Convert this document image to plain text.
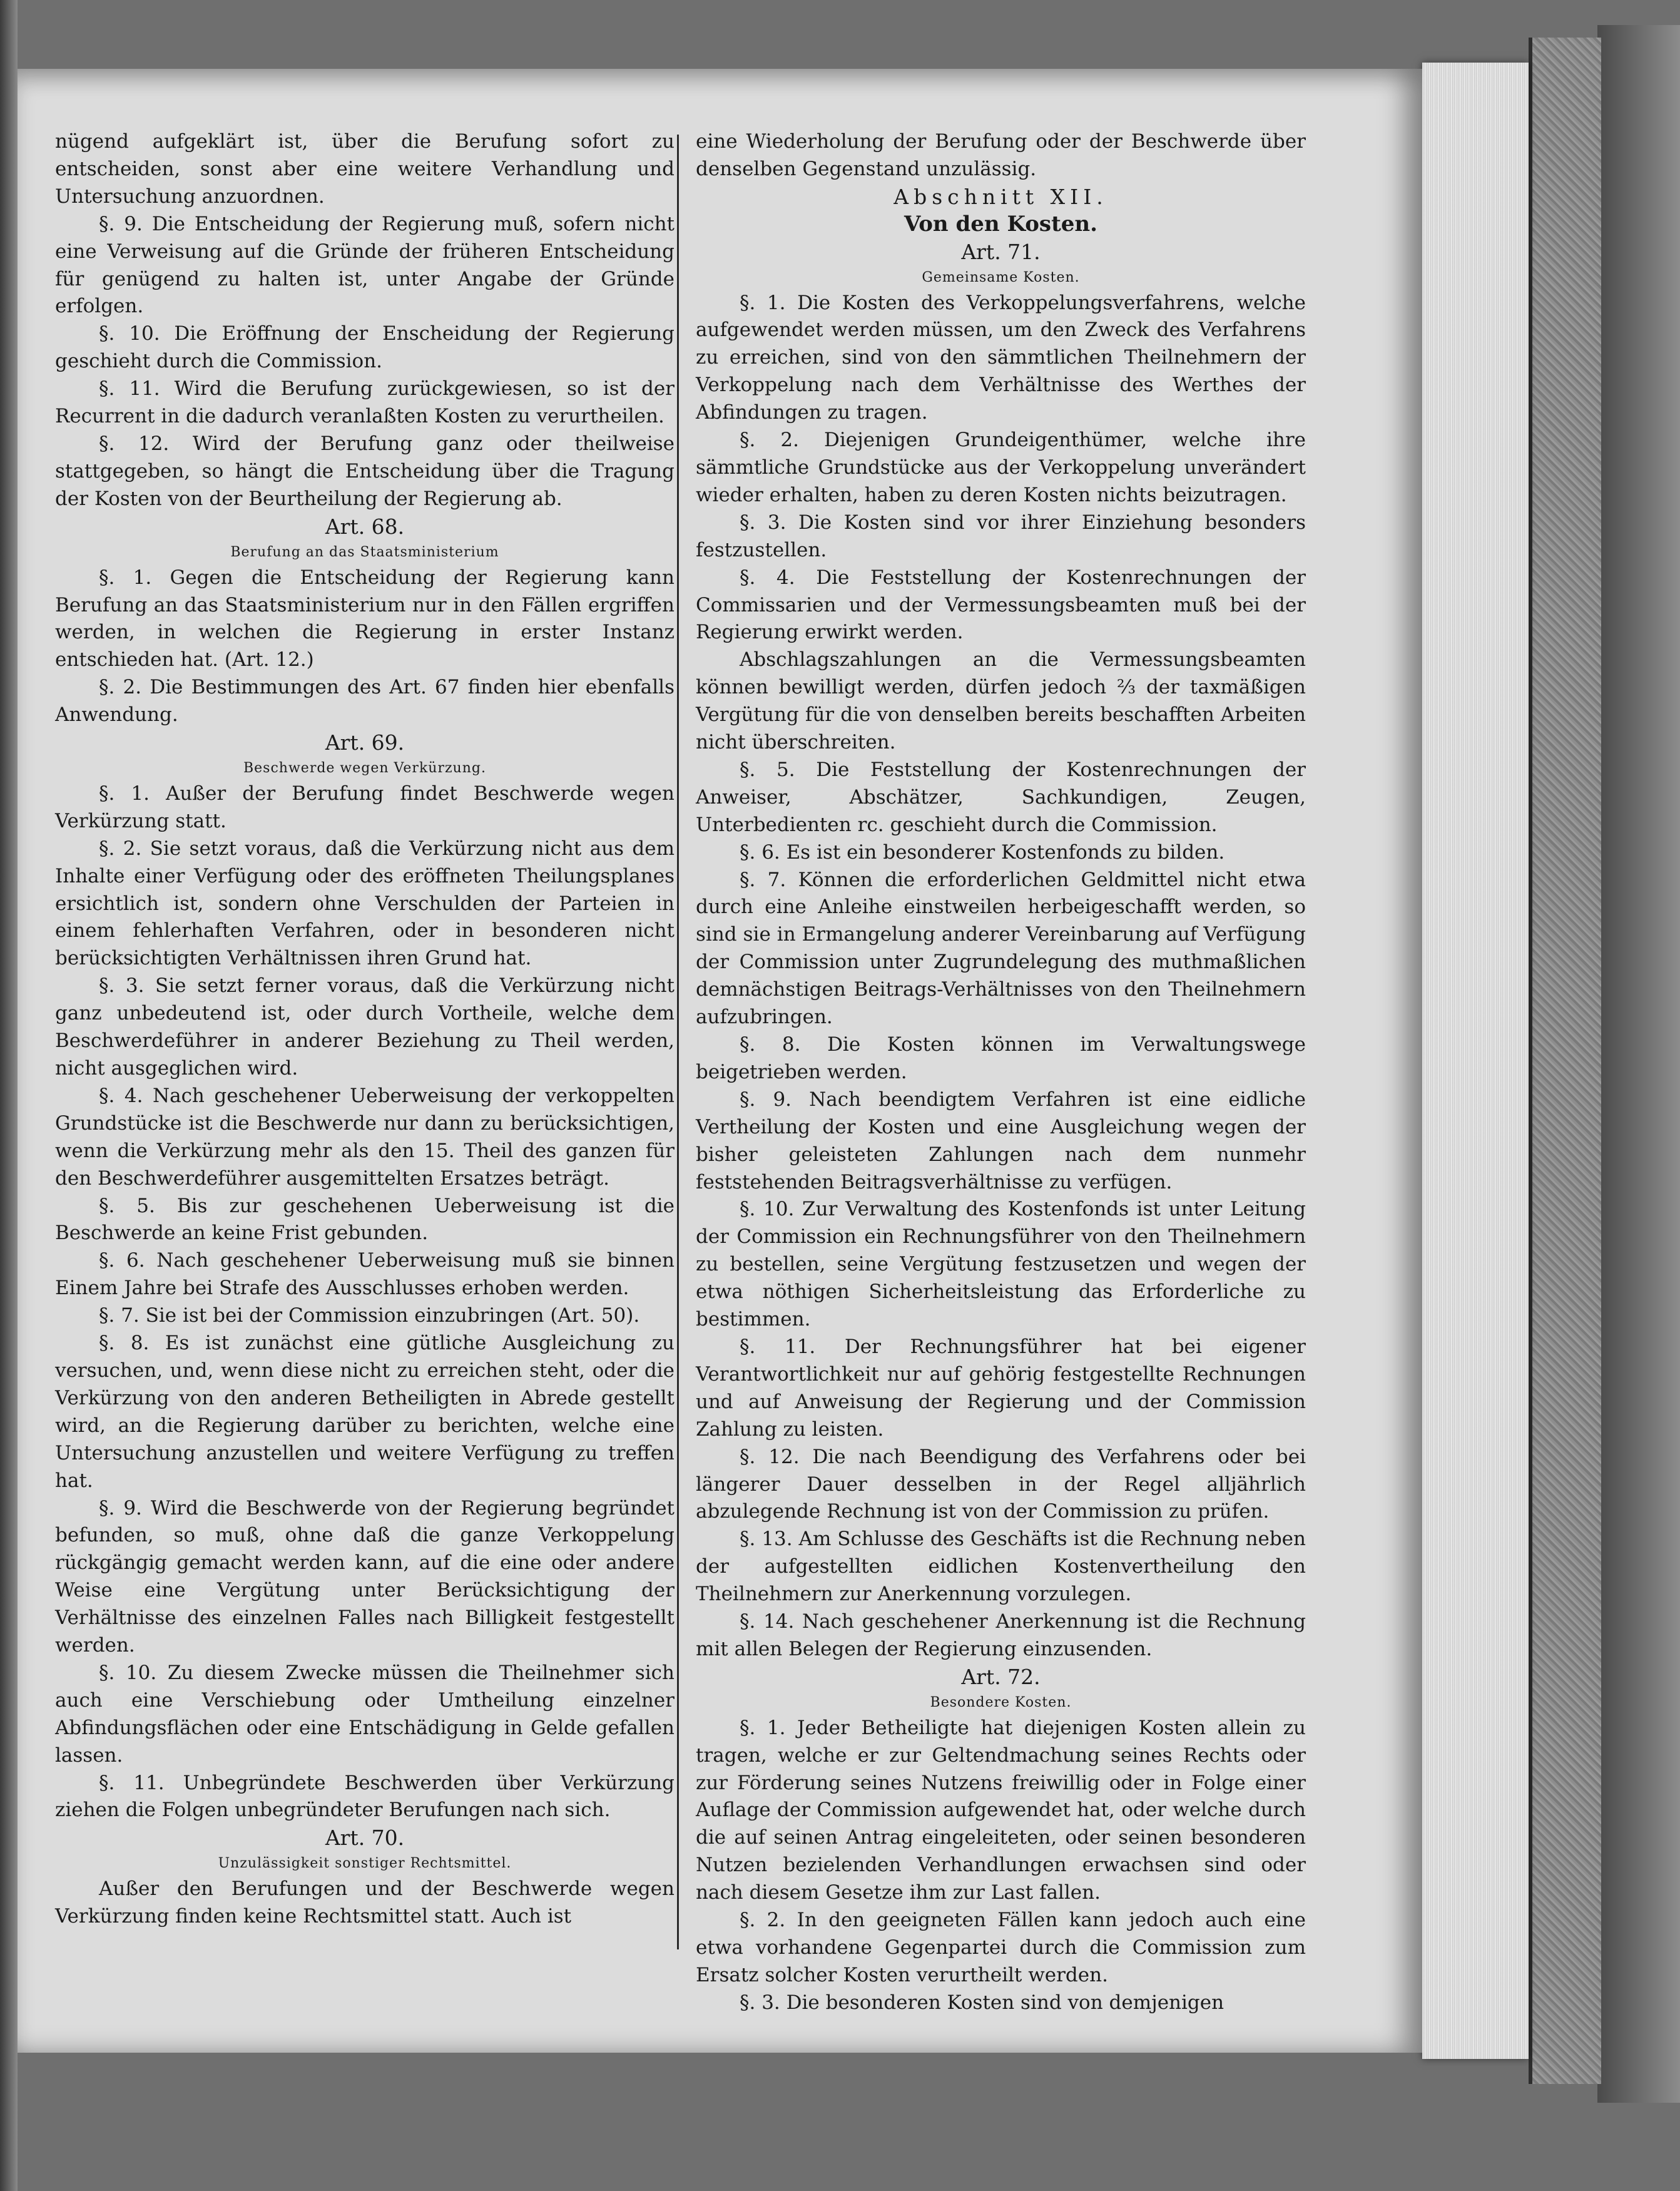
nügend aufgeklärt ist, über die Berufung sofort zu entscheiden, sonst aber eine weitere Verhandlung und Untersuchung anzuordnen.

§. 9. Die Entscheidung der Regierung muß, sofern nicht eine Verweisung auf die Gründe der früheren Entscheidung für genügend zu halten ist, unter Angabe der Gründe erfolgen.

§. 10. Die Eröffnung der Enscheidung der Regierung geschieht durch die Commission.

§. 11. Wird die Berufung zurückgewiesen, so ist der Recurrent in die dadurch veranlaßten Kosten zu verurtheilen.

§. 12. Wird der Berufung ganz oder theilweise stattgegeben, so hängt die Entscheidung über die Tragung der Kosten von der Beurtheilung der Regierung ab.

Art. 68.

Berufung an das Staatsministerium

§. 1. Gegen die Entscheidung der Regierung kann Berufung an das Staatsministerium nur in den Fällen ergriffen werden, in welchen die Regierung in erster Instanz entschieden hat. (Art. 12.)

§. 2. Die Bestimmungen des Art. 67 finden hier ebenfalls Anwendung.

Art. 69.

Beschwerde wegen Verkürzung.

§. 1. Außer der Berufung findet Beschwerde wegen Verkürzung statt.

§. 2. Sie setzt voraus, daß die Verkürzung nicht aus dem Inhalte einer Verfügung oder des eröffneten Theilungsplanes ersichtlich ist, sondern ohne Verschulden der Parteien in einem fehlerhaften Verfahren, oder in besonderen nicht berücksichtigten Verhältnissen ihren Grund hat.

§. 3. Sie setzt ferner voraus, daß die Verkürzung nicht ganz unbedeutend ist, oder durch Vortheile, welche dem Beschwerdeführer in anderer Beziehung zu Theil werden, nicht ausgeglichen wird.

§. 4. Nach geschehener Ueberweisung der verkoppelten Grundstücke ist die Beschwerde nur dann zu berücksichtigen, wenn die Verkürzung mehr als den 15. Theil des ganzen für den Beschwerdeführer ausgemittelten Ersatzes beträgt.

§. 5. Bis zur geschehenen Ueberweisung ist die Beschwerde an keine Frist gebunden.

§. 6. Nach geschehener Ueberweisung muß sie binnen Einem Jahre bei Strafe des Ausschlusses erhoben werden.

§. 7. Sie ist bei der Commission einzubringen (Art. 50).

§. 8. Es ist zunächst eine gütliche Ausgleichung zu versuchen, und, wenn diese nicht zu erreichen steht, oder die Verkürzung von den anderen Betheiligten in Abrede gestellt wird, an die Regierung darüber zu berichten, welche eine Untersuchung anzustellen und weitere Verfügung zu treffen hat.

§. 9. Wird die Beschwerde von der Regierung begründet befunden, so muß, ohne daß die ganze Verkoppelung rückgängig gemacht werden kann, auf die eine oder andere Weise eine Vergütung unter Berücksichtigung der Verhältnisse des einzelnen Falles nach Billigkeit festgestellt werden.

§. 10. Zu diesem Zwecke müssen die Theilnehmer sich auch eine Verschiebung oder Umtheilung einzelner Abfindungsflächen oder eine Entschädigung in Gelde gefallen lassen.

§. 11. Unbegründete Beschwerden über Verkürzung ziehen die Folgen unbegründeter Berufungen nach sich.

Art. 70.

Unzulässigkeit sonstiger Rechtsmittel.

Außer den Berufungen und der Beschwerde wegen Verkürzung finden keine Rechtsmittel statt. Auch ist

eine Wiederholung der Berufung oder der Beschwerde über denselben Gegenstand unzulässig.

Abschnitt XII.

Von den Kosten.

Art. 71.

Gemeinsame Kosten.

§. 1. Die Kosten des Verkoppelungsverfahrens, welche aufgewendet werden müssen, um den Zweck des Verfahrens zu erreichen, sind von den sämmtlichen Theilnehmern der Verkoppelung nach dem Verhältnisse des Werthes der Abfindungen zu tragen.

§. 2. Diejenigen Grundeigenthümer, welche ihre sämmtliche Grundstücke aus der Verkoppelung unverändert wieder erhalten, haben zu deren Kosten nichts beizutragen.

§. 3. Die Kosten sind vor ihrer Einziehung besonders festzustellen.

§. 4. Die Feststellung der Kostenrechnungen der Commissarien und der Vermessungsbeamten muß bei der Regierung erwirkt werden.

Abschlagszahlungen an die Vermessungsbeamten können bewilligt werden, dürfen jedoch ⅔ der taxmäßigen Vergütung für die von denselben bereits beschafften Arbeiten nicht überschreiten.

§. 5. Die Feststellung der Kostenrechnungen der Anweiser, Abschätzer, Sachkundigen, Zeugen, Unterbedienten rc. geschieht durch die Commission.

§. 6. Es ist ein besonderer Kostenfonds zu bilden.

§. 7. Können die erforderlichen Geldmittel nicht etwa durch eine Anleihe einstweilen herbeigeschafft werden, so sind sie in Ermangelung anderer Vereinbarung auf Verfügung der Commission unter Zugrundelegung des muthmaßlichen demnächstigen Beitrags-Verhältnisses von den Theilnehmern aufzubringen.

§. 8. Die Kosten können im Verwaltungswege beigetrieben werden.

§. 9. Nach beendigtem Verfahren ist eine eidliche Vertheilung der Kosten und eine Ausgleichung wegen der bisher geleisteten Zahlungen nach dem nunmehr feststehenden Beitragsverhältnisse zu verfügen.

§. 10. Zur Verwaltung des Kostenfonds ist unter Leitung der Commission ein Rechnungsführer von den Theilnehmern zu bestellen, seine Vergütung festzusetzen und wegen der etwa nöthigen Sicherheitsleistung das Erforderliche zu bestimmen.

§. 11. Der Rechnungsführer hat bei eigener Verantwortlichkeit nur auf gehörig festgestellte Rechnungen und auf Anweisung der Regierung und der Commission Zahlung zu leisten.

§. 12. Die nach Beendigung des Verfahrens oder bei längerer Dauer desselben in der Regel alljährlich abzulegende Rechnung ist von der Commission zu prüfen.

§. 13. Am Schlusse des Geschäfts ist die Rechnung neben der aufgestellten eidlichen Kostenvertheilung den Theilnehmern zur Anerkennung vorzulegen.

§. 14. Nach geschehener Anerkennung ist die Rechnung mit allen Belegen der Regierung einzusenden.

Art. 72.

Besondere Kosten.

§. 1. Jeder Betheiligte hat diejenigen Kosten allein zu tragen, welche er zur Geltendmachung seines Rechts oder zur Förderung seines Nutzens freiwillig oder in Folge einer Auflage der Commission aufgewendet hat, oder welche durch die auf seinen Antrag eingeleiteten, oder seinen besonderen Nutzen bezielenden Verhandlungen erwachsen sind oder nach diesem Gesetze ihm zur Last fallen.

§. 2. In den geeigneten Fällen kann jedoch auch eine etwa vorhandene Gegenpartei durch die Commission zum Ersatz solcher Kosten verurtheilt werden.

§. 3. Die besonderen Kosten sind von demjenigen
